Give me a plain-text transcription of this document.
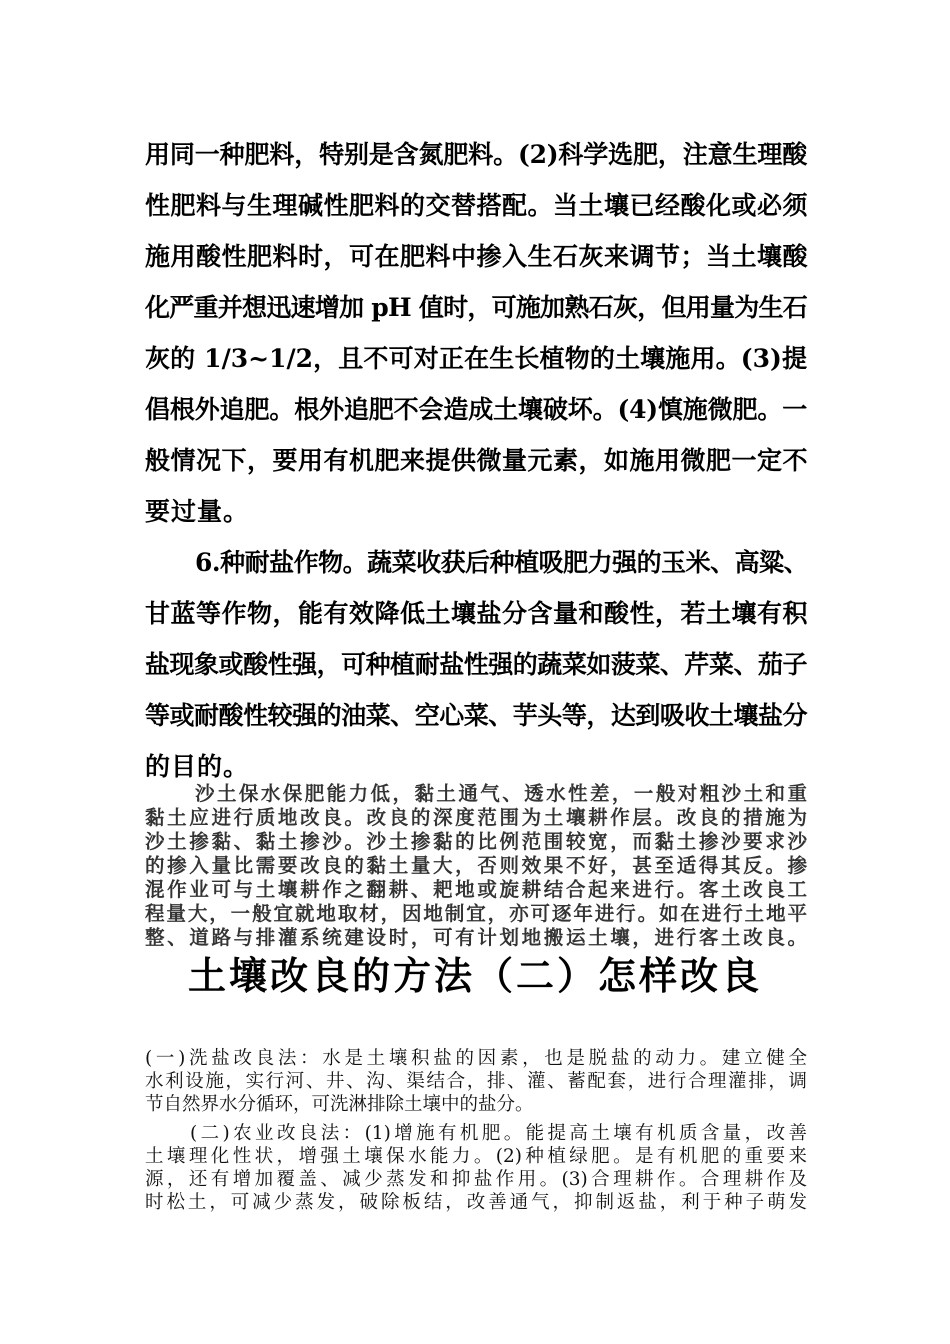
用同一种肥料，特别是含氮肥料。(2)科学选肥，注意生理酸
性肥料与生理碱性肥料的交替搭配。当土壤已经酸化或必须
施用酸性肥料时，可在肥料中掺入生石灰来调节；当土壤酸
化严重并想迅速增加 pH 值时，可施加熟石灰，但用量为生石
灰的 1/3~1/2，且不可对正在生长植物的土壤施用。(3)提
倡根外追肥。根外追肥不会造成土壤破坏。(4)慎施微肥。一
般情况下，要用有机肥来提供微量元素，如施用微肥一定不
要过量。
6.种耐盐作物。蔬菜收获后种植吸肥力强的玉米、高粱、
甘蓝等作物，能有效降低土壤盐分含量和酸性，若土壤有积
盐现象或酸性强，可种植耐盐性强的蔬菜如菠菜、芹菜、茄子
等或耐酸性较强的油菜、空心菜、芋头等，达到吸收土壤盐分
的目的。
沙土保水保肥能力低，黏土通气、透水性差，一般对粗沙土和重
黏土应进行质地改良。改良的深度范围为土壤耕作层。改良的措施为
沙土掺黏、黏土掺沙。沙土掺黏的比例范围较宽，而黏土掺沙要求沙
的掺入量比需要改良的黏土量大，否则效果不好，甚至适得其反。掺
混作业可与土壤耕作之翻耕、耙地或旋耕结合起来进行。客土改良工
程量大，一般宜就地取材，因地制宜，亦可逐年进行。如在进行土地平
整、道路与排灌系统建设时，可有计划地搬运土壤，进行客土改良。
土壤改良的方法（二）怎样改良
(一)洗盐改良法：水是土壤积盐的因素，也是脱盐的动力。建立健全
水利设施，实行河、井、沟、渠结合，排、灌、蓄配套，进行合理灌排，调
节自然界水分循环，可洗淋排除土壤中的盐分。
(二)农业改良法：(1)增施有机肥。能提高土壤有机质含量，改善
土壤理化性状，增强土壤保水能力。(2)种植绿肥。是有机肥的重要来
源，还有增加覆盖、减少蒸发和抑盐作用。(3)合理耕作。合理耕作及
时松土，可减少蒸发，破除板结，改善通气，抑制返盐，利于种子萌发
